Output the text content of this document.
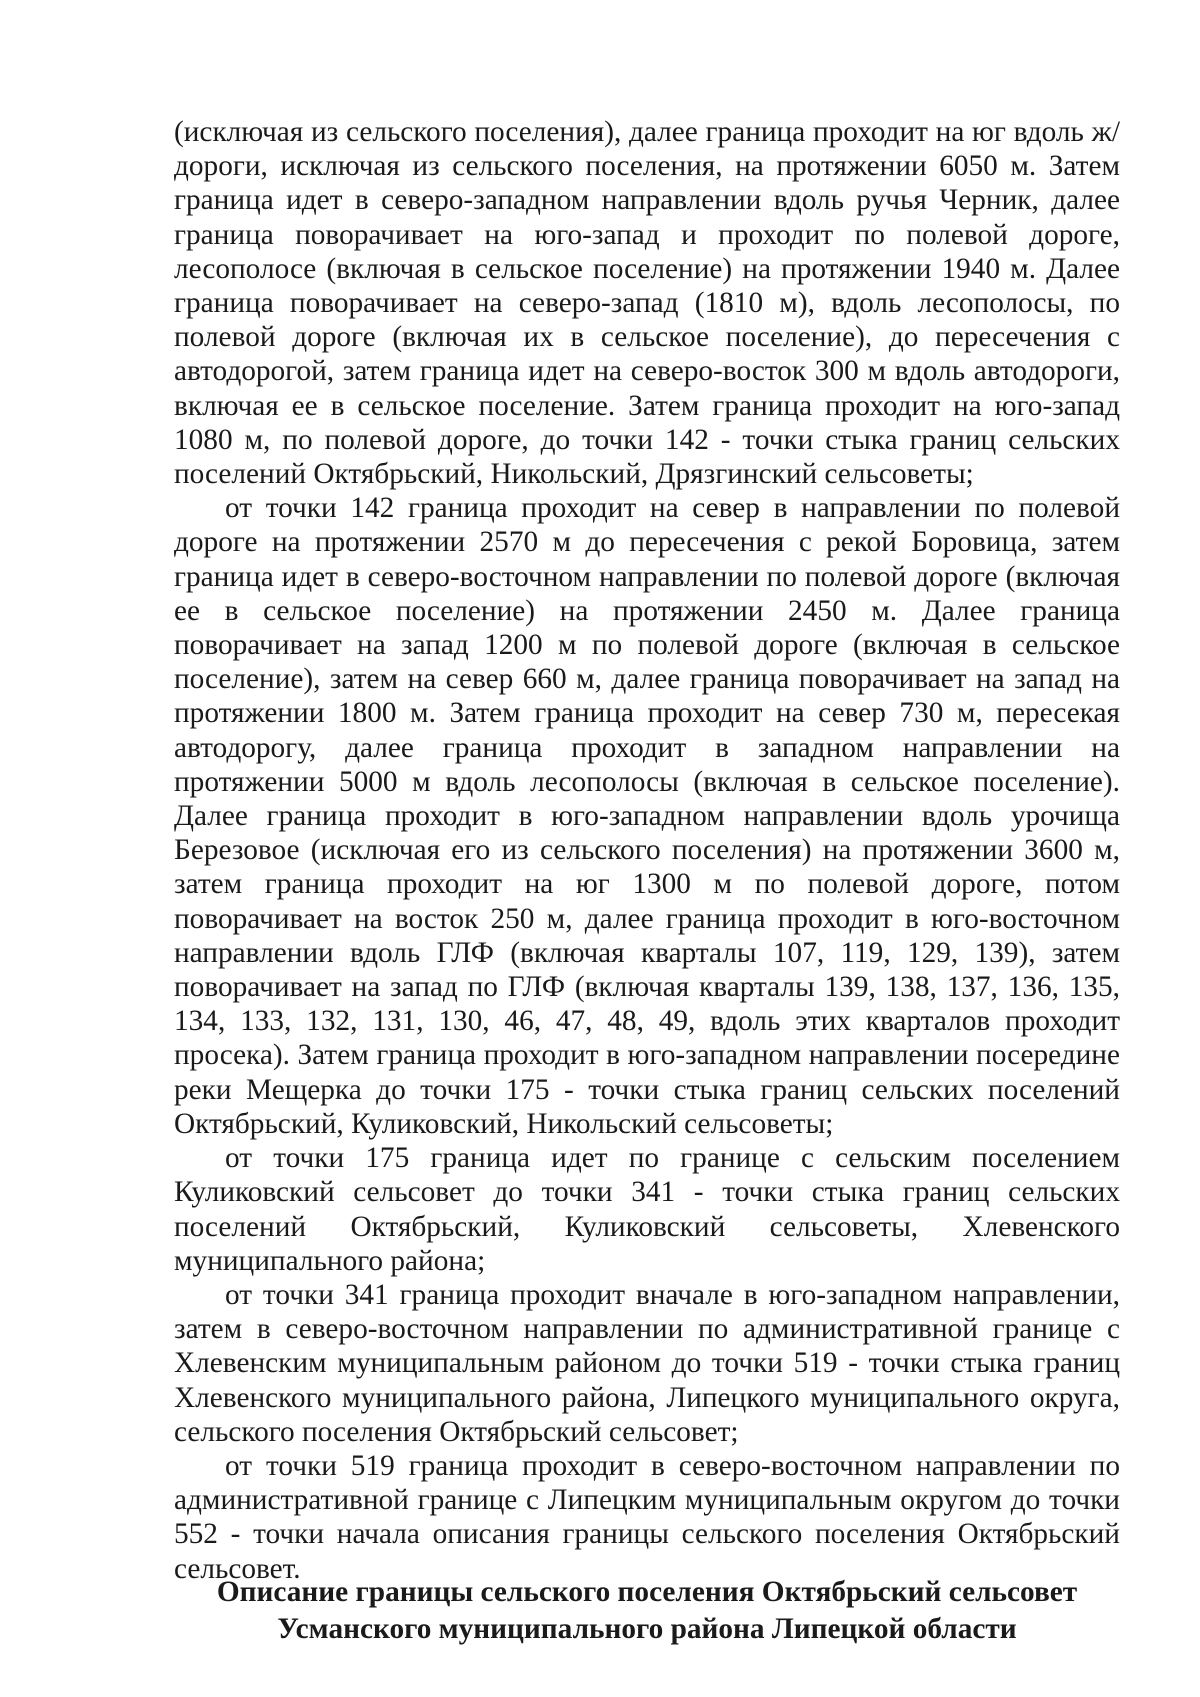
(исключая из сельского поселения), далее граница проходит на юг вдоль ж/дороги, исключая из сельского поселения, на протяжении 6050 м. Затем граница идет в северо-западном направлении вдоль ручья Черник, далее граница поворачивает на юго-запад и проходит по полевой дороге, лесополосе (включая в сельское поселение) на протяжении 1940 м. Далее граница поворачивает на северо-запад (1810 м), вдоль лесополосы, по полевой дороге (включая их в сельское поселение), до пересечения с автодорогой, затем граница идет на северо-восток 300 м вдоль автодороги, включая ее в сельское поселение. Затем граница проходит на юго-запад 1080 м, по полевой дороге, до точки 142 - точки стыка границ сельских поселений Октябрьский, Никольский, Дрязгинский сельсоветы;

от точки 142 граница проходит на север в направлении по полевой дороге на протяжении 2570 м до пересечения с рекой Боровица, затем граница идет в северо-восточном направлении по полевой дороге (включая ее в сельское поселение) на протяжении 2450 м. Далее граница поворачивает на запад 1200 м по полевой дороге (включая в сельское поселение), затем на север 660 м, далее граница поворачивает на запад на протяжении 1800 м. Затем граница проходит на север 730 м, пересекая автодорогу, далее граница проходит в западном направлении на протяжении 5000 м вдоль лесополосы (включая в сельское поселение). Далее граница проходит в юго-западном направлении вдоль урочища Березовое (исключая его из сельского поселения) на протяжении 3600 м, затем граница проходит на юг 1300 м по полевой дороге, потом поворачивает на восток 250 м, далее граница проходит в юго-восточном направлении вдоль ГЛФ (включая кварталы 107, 119, 129, 139), затем поворачивает на запад по ГЛФ (включая кварталы 139, 138, 137, 136, 135, 134, 133, 132, 131, 130, 46, 47, 48, 49, вдоль этих кварталов проходит просека). Затем граница проходит в юго-западном направлении посередине реки Мещерка до точки 175 - точки стыка границ сельских поселений Октябрьский, Куликовский, Никольский сельсоветы;

от точки 175 граница идет по границе с сельским поселением Куликовский сельсовет до точки 341 - точки стыка границ сельских поселений Октябрьский, Куликовский сельсоветы, Хлевенского муниципального района;

от точки 341 граница проходит вначале в юго-западном направлении, затем в северо-восточном направлении по административной границе с Хлевенским муниципальным районом до точки 519 - точки стыка границ Хлевенского муниципального района, Липецкого муниципального округа, сельского поселения Октябрьский сельсовет;

от точки 519 граница проходит в северо-восточном направлении по административной границе с Липецким муниципальным округом до точки 552 - точки начала описания границы сельского поселения Октябрьский сельсовет.

Описание границы сельского поселения Октябрьский сельсовет
Усманского муниципального района Липецкой области
